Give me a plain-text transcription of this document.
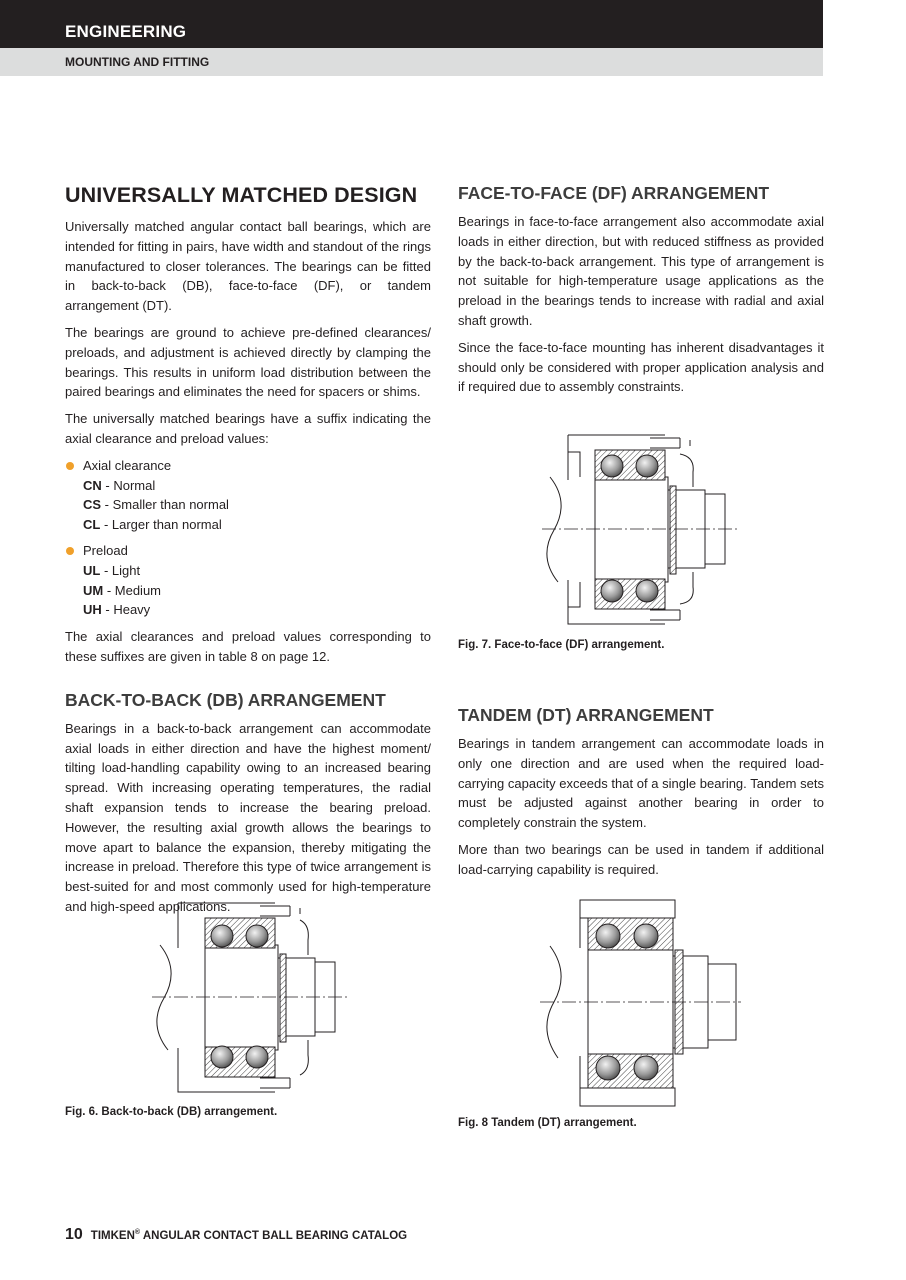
ENGINEERING
MOUNTING AND FITTING
UNIVERSALLY MATCHED DESIGN

Universally matched angular contact ball bearings, which are intended for fitting in pairs, have width and standout of the rings manufactured to closer tolerances. The bearings can be fitted in back-to-back (DB), face-to-face (DF), or tandem arrangement (DT).

The bearings are ground to achieve pre-defined clearances/ preloads, and adjustment is achieved directly by clamping the bearings. This results in uniform load distribution between the paired bearings and eliminates the need for spacers or shims.

The universally matched bearings have a suffix indicating the axial clearance and preload values:

Axial clearance
CN - Normal
CS - Smaller than normal
CL - Larger than normal
Preload
UL - Light
UM - Medium
UH - Heavy

The axial clearances and preload values corresponding to these suffixes are given in table 8 on page 12.

BACK-TO-BACK (DB) ARRANGEMENT

Bearings in a back-to-back arrangement can accommodate axial loads in either direction and have the highest moment/ tilting load-handling capability owing to an increased bearing spread. With increasing operating temperatures, the radial shaft expansion tends to increase the bearing preload. However, the resulting axial growth allows the bearings to move apart to balance the expansion, thereby mitigating the increase in preload. Therefore this type of twice arrangement is best-suited for and most commonly used for high-temperature and high-speed applications.

FACE-TO-FACE (DF) ARRANGEMENT

Bearings in face-to-face arrangement also accommodate axial loads in either direction, but with reduced stiffness as provided by the back-to-back arrangement. This type of arrangement is not suitable for high-temperature usage applications as the preload in the bearings tends to increase with radial and axial shaft growth.

Since the face-to-face mounting has inherent disadvantages it should only be considered with proper application analysis and if required due to assembly constraints.

TANDEM (DT) ARRANGEMENT

Bearings in tandem arrangement can accommodate loads in only one direction and are used when the required load-carrying capacity exceeds that of a single bearing. Tandem sets must be adjusted against another bearing in order to completely constrain the system.

More than two bearings can be used in tandem if additional load-carrying capability is required.

Fig. 6. Back-to-back (DB) arrangement.
Fig. 7. Face-to-face (DF) arrangement.
Fig. 8 Tandem (DT) arrangement.
10 TIMKEN® ANGULAR CONTACT BALL BEARING CATALOG
